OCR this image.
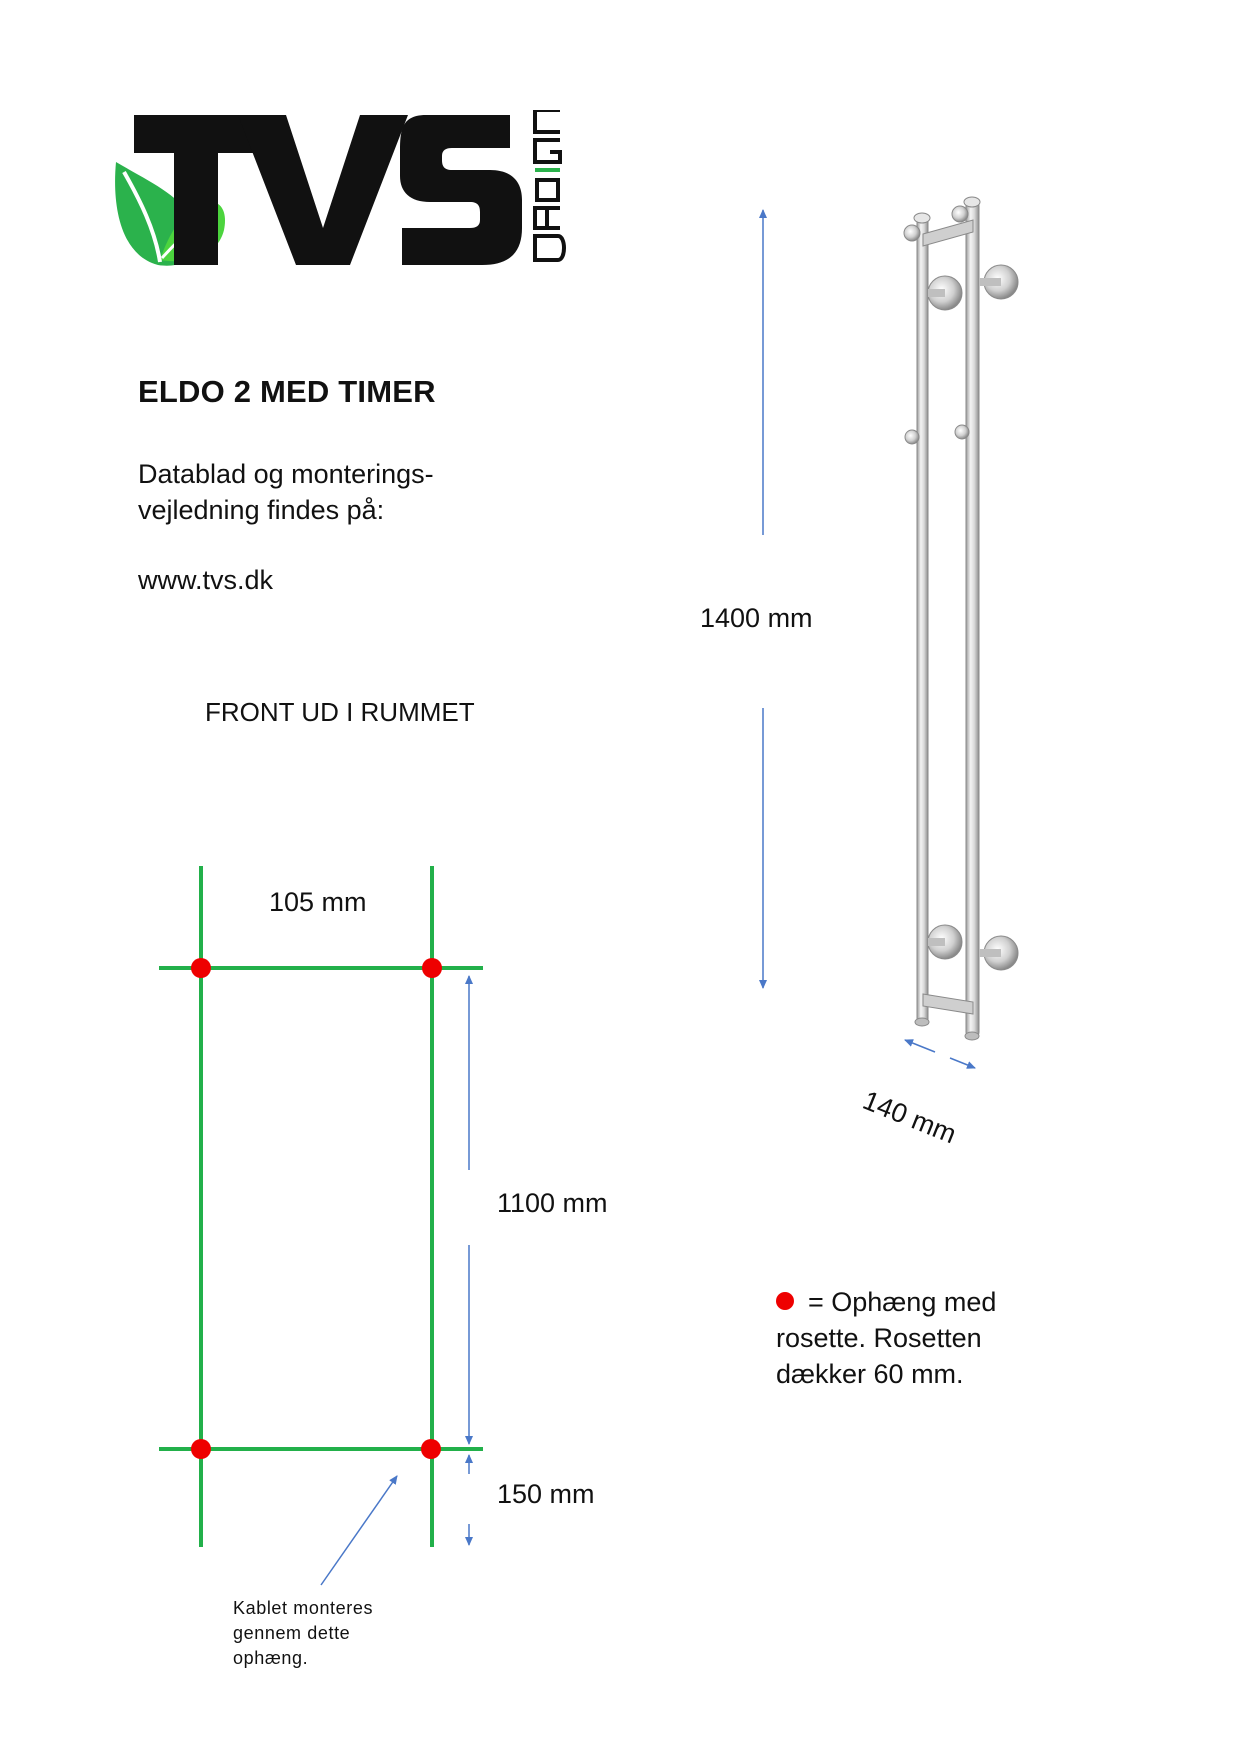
ELDO 2 MED TIMER
Datablad og monterings-
vejledning findes på:
www.tvs.dk
FRONT UD I RUMMET
1400 mm
140 mm
105 mm
1100 mm
150 mm
Kablet monteres
gennem dette
ophæng.
= Ophæng med
rosette. Rosetten
dækker 60 mm.
